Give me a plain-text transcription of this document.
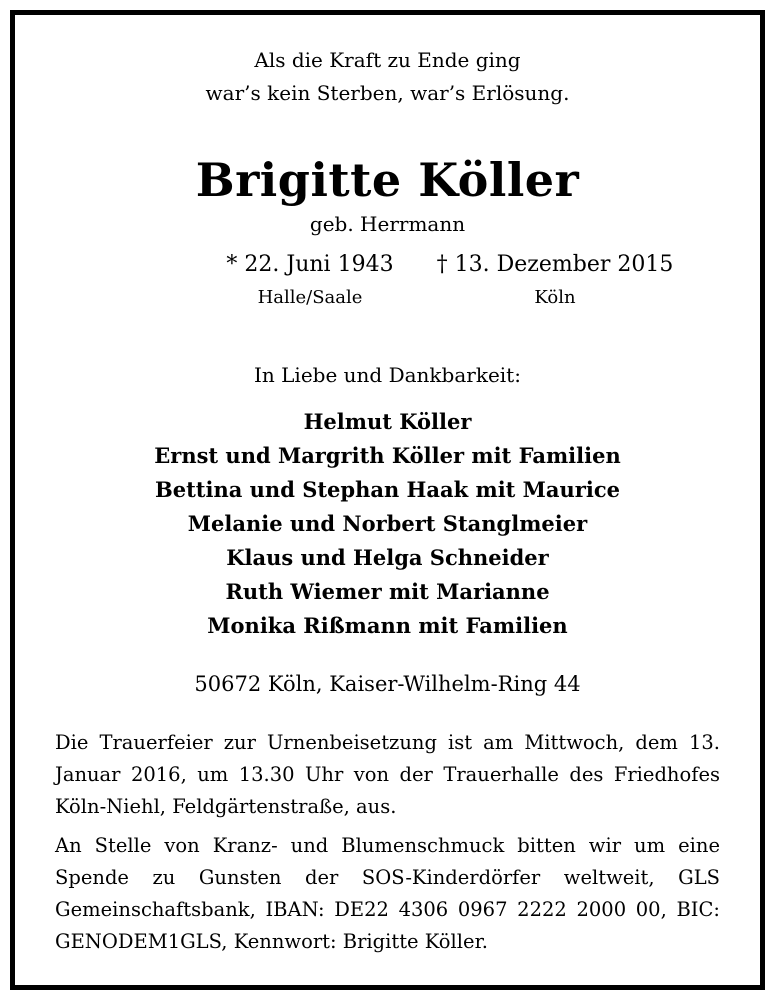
Als die Kraft zu Ende ging
war’s kein Sterben, war’s Erlösung.
Brigitte Köller
geb. Herrmann
* 22. Juni 1943	† 13. Dezember 2015
Halle/Saale	Köln
In Liebe und Dankbarkeit:
Helmut Köller
Ernst und Margrith Köller mit Familien
Bettina und Stephan Haak mit Maurice
Melanie und Norbert Stanglmeier
Klaus und Helga Schneider
Ruth Wiemer mit Marianne
Monika Rißmann mit Familien
50672 Köln, Kaiser-Wilhelm-Ring 44

Die Trauerfeier zur Urnenbeisetzung ist am Mittwoch, dem 13. Januar 2016, um 13.30 Uhr von der Trauerhalle des Friedhofes Köln-Niehl, Feldgärtenstraße, aus.

An Stelle von Kranz- und Blumenschmuck bitten wir um eine Spende zu Gunsten der SOS-Kinderdörfer weltweit, GLS Gemeinschaftsbank, IBAN: DE22 4306 0967 2222 2000 00, BIC: GENODEM1GLS, Kennwort: Brigitte Köller.
